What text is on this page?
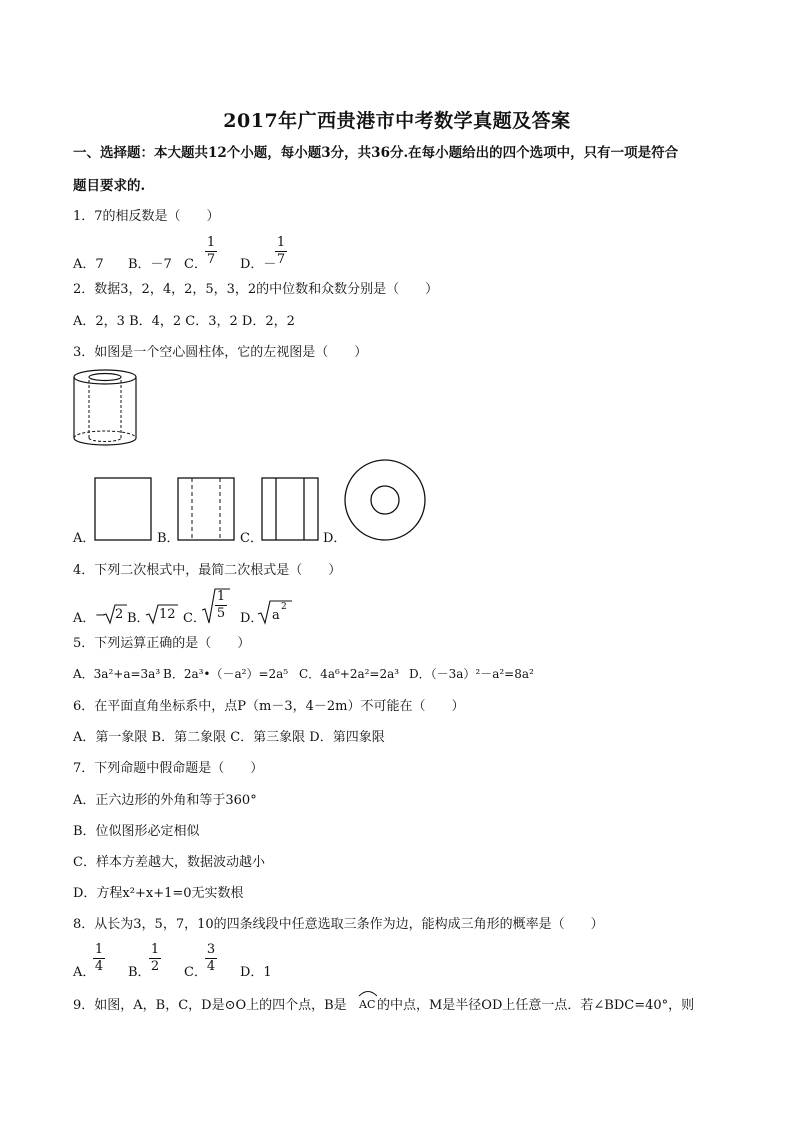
2017年广西贵港市中考数学真题及答案
一、选择题：本大题共12个小题，每小题3分，共36分.在每小题给出的四个选项中，只有一项是符合
题目要求的.
1．7的相反数是（　　）
A．7 B．－7 C．
1
7 D．－
1
7
2．数据3，2，4，2，5，3，2的中位数和众数分别是（　　）
A．2，3 B．4，2 C．3，2 D．2，2
3．如图是一个空心圆柱体，它的左视图是（　　）
A．	B．	C．	D．
4．下列二次根式中，最简二次根式是（　　）
A． − 2 B． 12 C．
1
5 D． a
2
5．下列运算正确的是（　　）
A．3a²+a=3a³ B．2a³•（－a²）=2a⁵ C．4a⁶+2a²=2a³ D．（－3a）²－a²=8a²
6．在平面直角坐标系中，点P（m－3，4－2m）不可能在（　　）
A．第一象限 B．第二象限 C．第三象限 D．第四象限
7．下列命题中假命题是（　　）
A．正六边形的外角和等于360°
B．位似图形必定相似
C．样本方差越大，数据波动越小
D．方程x²+x+1=0无实数根
8．从长为3，5，7，10的四条线段中任意选取三条作为边，能构成三角形的概率是（　　）
A．
1
4 B．
1
2 C．
3
4 D．1
9．如图，A，B，C，D是⊙O上的四个点，B是 AC 的中点，M是半径OD上任意一点．若∠BDC=40°，则
